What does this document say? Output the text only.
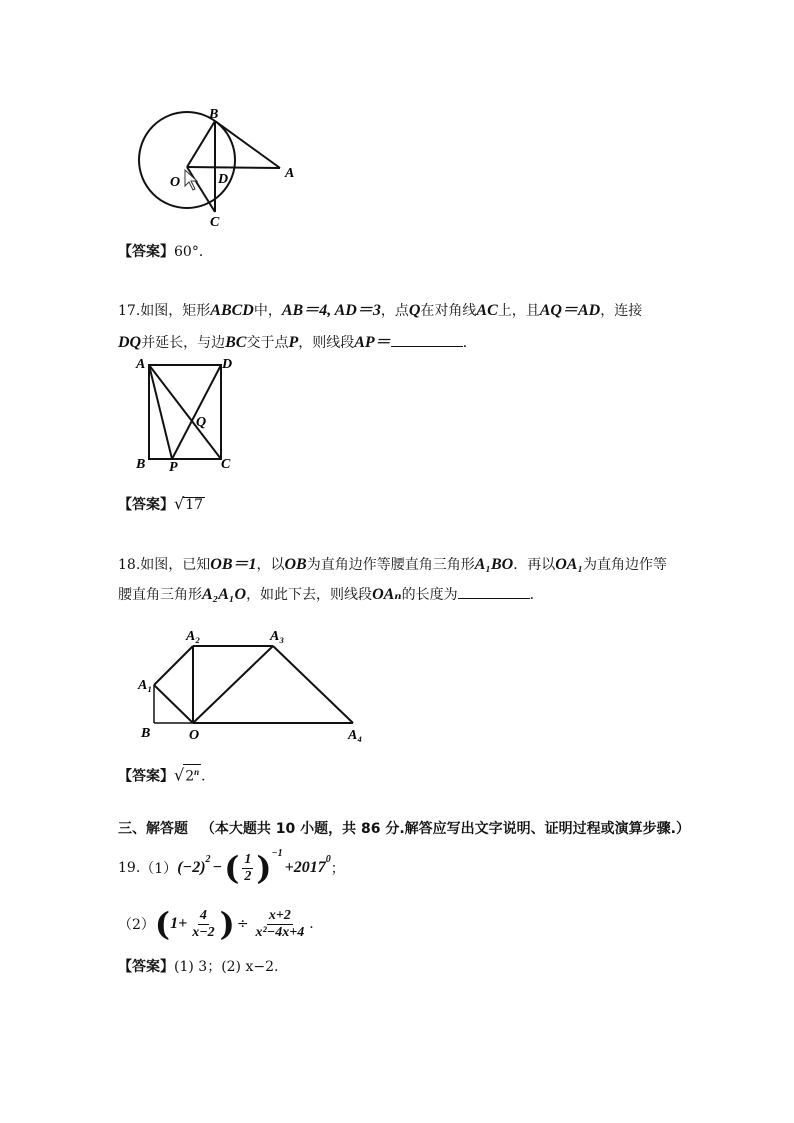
B
O	D	A
C
【答案】60°．
17.如图，矩形ABCD中，AB＝4, AD＝3，点Q在对角线AC上，且AQ＝AD，连接
DQ并延长，与边BC交于点P，则线段AP＝	．
A	D
Q
B P	C
【答案】√17
18.如图，已知OB＝1，以OB为直角边作等腰直角三角形A₁BO．再以OA₁为直角边作等
腰直角三角形A₂A₁O，如此下去，则线段OAₙ的长度为	．
A₂	A₃
A₁
B	O	A₄
【答案】√2$^n$ ．
三、解答题 （本大题共 10 小题，共 86 分.解答应写出文字说明、证明过程或演算步骤.）
19. （1） $(-2)^2$ − ( $\frac{1}{2} )^{-1}$
$+2017^0$
；
（2） ( $1+ \frac{4}{x-2}$ ) ÷ $\frac{x+2}{\text{x²−4x+4}}$ .
【答案】(1) 3；(2) x−2.
